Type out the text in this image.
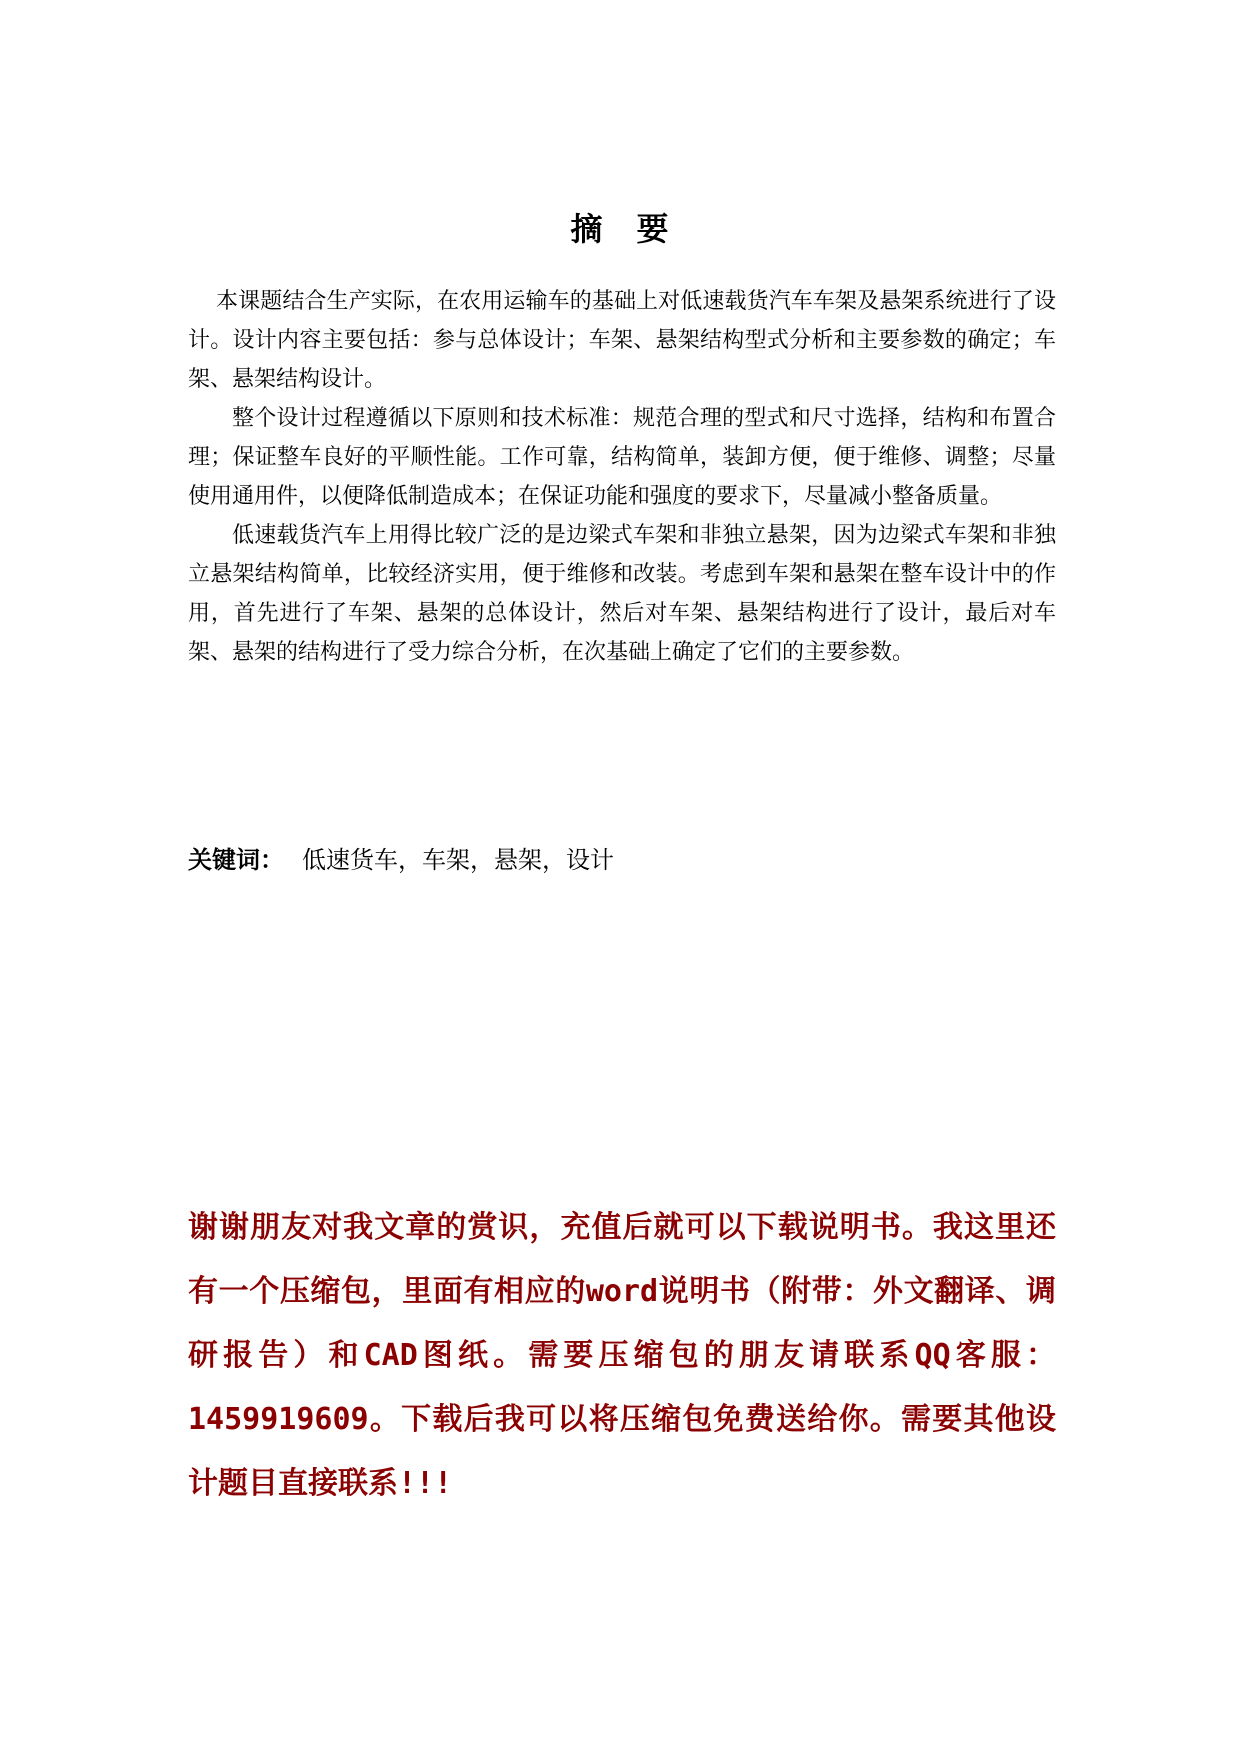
摘 要

本课题结合生产实际，在农用运输车的基础上对低速载货汽车车架及悬架系统进行了设计。设计内容主要包括：参与总体设计；车架、悬架结构型式分析和主要参数的确定；车架、悬架结构设计。

整个设计过程遵循以下原则和技术标准：规范合理的型式和尺寸选择，结构和布置合理；保证整车良好的平顺性能。工作可靠，结构简单，装卸方便，便于维修、调整；尽量使用通用件，以便降低制造成本；在保证功能和强度的要求下，尽量减小整备质量。

低速载货汽车上用得比较广泛的是边梁式车架和非独立悬架，因为边梁式车架和非独立悬架结构简单，比较经济实用，便于维修和改装。考虑到车架和悬架在整车设计中的作用，首先进行了车架、悬架的总体设计，然后对车架、悬架结构进行了设计，最后对车架、悬架的结构进行了受力综合分析，在次基础上确定了它们的主要参数。

关键词： 低速货车，车架，悬架，设计
谢谢朋友对我文章的赏识，充值后就可以下载说明书。我这里还有一个压缩包，里面有相应的word说明书（附带：外文翻译、调研报告）和CAD图纸。需要压缩包的朋友请联系QQ客服：1459919609。下载后我可以将压缩包免费送给你。需要其他设计题目直接联系!!!
